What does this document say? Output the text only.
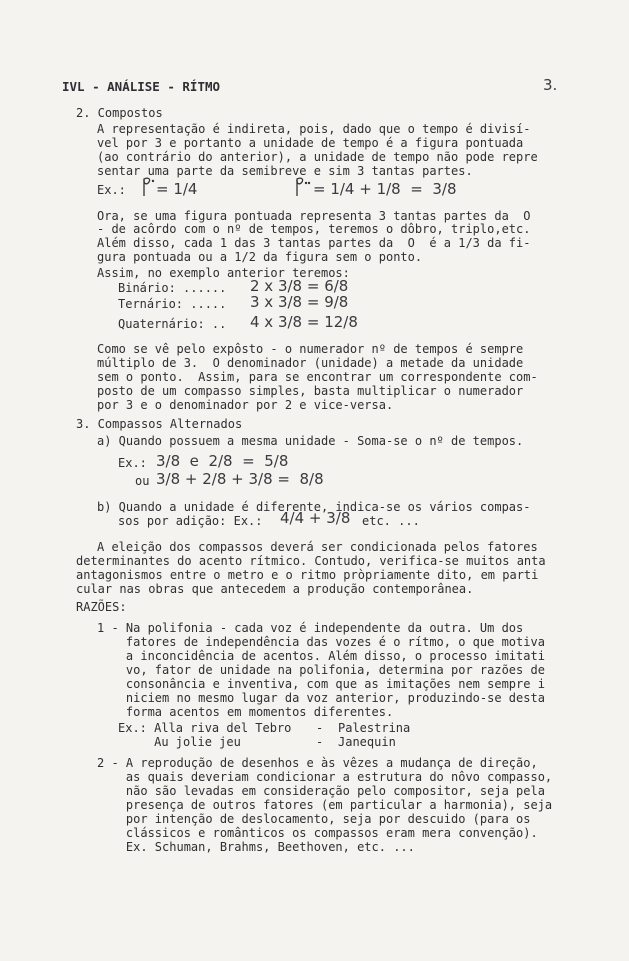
IVL - ANÁLISE - RÍTMO	3.
2. Compostos
A representação é indireta, pois, dado que o tempo é divisí-
vel por 3 e portanto a unidade de tempo é a figura pontuada
(ao contrário do anterior), a unidade de tempo não pode repre
sentar uma parte da semibreve e sim 3 tantas partes.
Ex.: = 1/4	= 1/4 + 1/8  =  3/8
Ora, se uma figura pontuada representa 3 tantas partes da  O
- de acôrdo com o nº de tempos, teremos o dôbro, triplo,etc.
Além disso, cada 1 das 3 tantas partes da  O  é a 1/3 da fi-
gura pontuada ou a 1/2 da figura sem o ponto.
Assim, no exemplo anterior teremos:
Binário: ...... 2 x 3/8 = 6/8
Ternário: ..... 3 x 3/8 = 9/8
Quaternário: .. 4 x 3/8 = 12/8
Como se vê pelo expôsto - o numerador nº de tempos é sempre
múltiplo de 3.  O denominador (unidade) a metade da unidade
sem o ponto.  Assim, para se encontrar um correspondente com-
posto de um compasso simples, basta multiplicar o numerador
por 3 e o denominador por 2 e vice-versa.
3. Compassos Alternados
a) Quando possuem a mesma unidade - Soma-se o nº de tempos.
Ex.: 3/8  e  2/8  =  5/8
ou 3/8 + 2/8 + 3/8 =  8/8
b) Quando a unidade é diferente, indica-se os vários compas-
sos por adição: Ex.: 4/4 + 3/8 etc. ...
A eleição dos compassos deverá ser condicionada pelos fatores
determinantes do acento rítmico. Contudo, verifica-se muitos anta
antagonismos entre o metro e o ritmo pròpriamente dito, em parti
cular nas obras que antecedem a produção contemporânea.
RAZÕES:
1 - Na polifonia - cada voz é independente da outra. Um dos
fatores de independência das vozes é o rítmo, o que motiva
a inconcidência de acentos. Além disso, o processo imitati
vo, fator de unidade na polifonia, determina por razões de
consonância e inventiva, com que as imitações nem sempre i
niciem no mesmo lugar da voz anterior, produzindo-se desta
forma acentos em momentos diferentes.
Ex.: Alla riva del Tebro - Palestrina
Au jolie jeu	- Janequin
2 - A reprodução de desenhos e às vêzes a mudança de direção,
as quais deveriam condicionar a estrutura do nôvo compasso,
não são levadas em consideração pelo compositor, seja pela
presença de outros fatores (em particular a harmonia), seja
por intenção de deslocamento, seja por descuido (para os
clássicos e românticos os compassos eram mera convenção).
Ex. Schuman, Brahms, Beethoven, etc. ...
